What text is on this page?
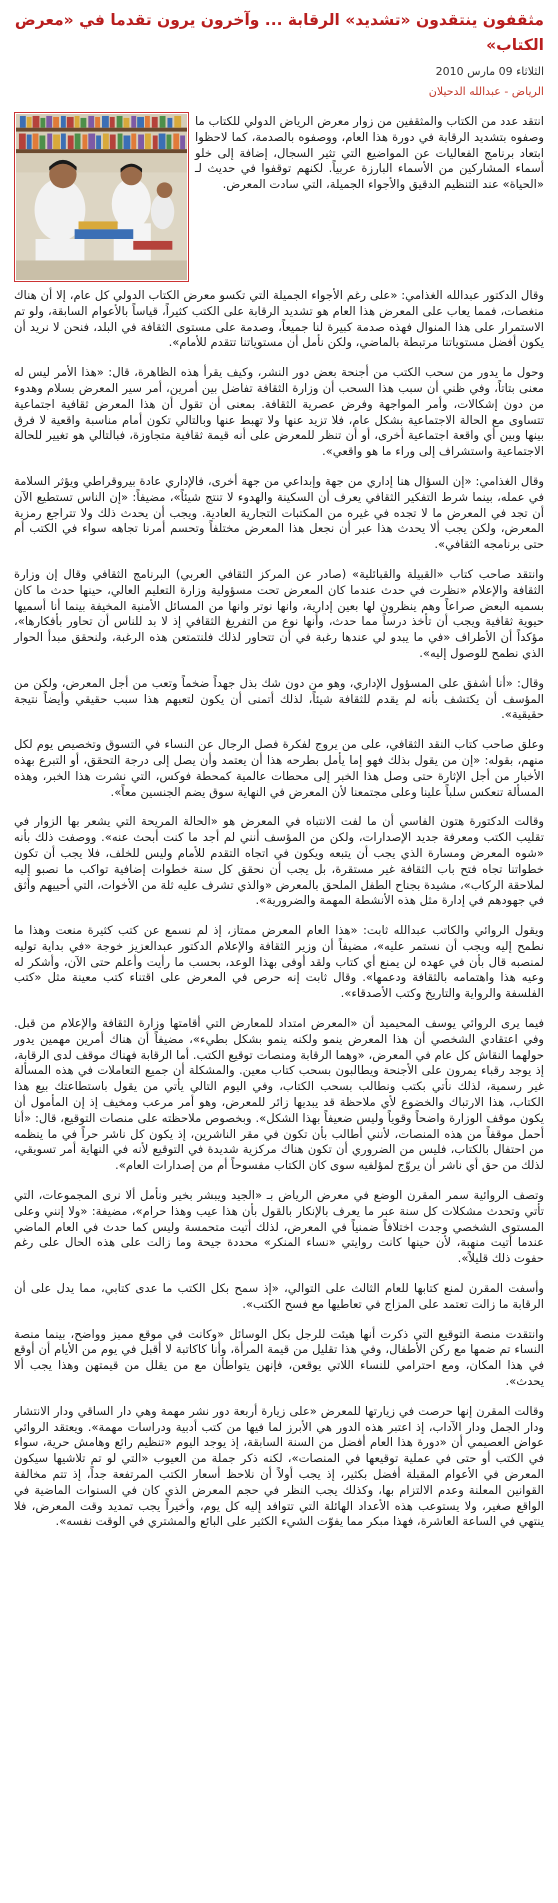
مثقفون ينتقدون «تشديد» الرقابة ... وآخرون يرون تقدما في «معرض الكتاب»
الثلاثاء 09 مارس 2010
الرياض - عبدالله الدحيلان

انتقد عدد من الكتاب والمثقفين من زوار معرض الرياض الدولي للكتاب ما وصفوه بتشديد الرقابة في دورة هذا العام، ووصفوه بالصدمة، كما لاحظوا ابتعاد برنامج الفعاليات عن المواضيع التي تثير السجال، إضافة إلى خلو أسماء المشاركين من الأسماء البارزة عربياً. لكنهم توقفوا في حديث لـ «الحياة» عند التنظيم الدقيق والأجواء الجميلة، التي سادت المعرض.

وقال الدكتور عبدالله الغذامي: «على رغم الأجواء الجميلة التي تكسو معرض الكتاب الدولي كل عام، إلا أن هناك منغصات، فمما يعاب على المعرض هذا العام هو تشديد الرقابة على الكتب كثيراً، قياساً بالأعوام السابقة، ولو تم الاستمرار على هذا المنوال فهذه صدمة كبيرة لنا جميعاً، وصدمة على مستوى الثقافة في البلد، فنحن لا نريد أن يكون أفضل مستوياتنا مرتبطة بالماضي، ولكن نأمل أن مستوياتنا تتقدم للأمام».

وحول ما يدور من سحب الكتب من أجنحة بعض دور النشر، وكيف يقرأ هذه الظاهرة، قال: «هذا الأمر ليس له معنى بتاتاً، وفي ظني أن سبب هذا السحب أن وزارة الثقافة تفاضل بين أمرين، أمر سير المعرض بسلام وهدوء من دون إشكالات، وأمر المواجهة وفرض عصرية الثقافة. بمعنى أن تقول أن هذا المعرض ثقافية اجتماعية تتساوى مع الحالة الاجتماعية بشكل عام، فلا تزيد عنها ولا تهبط عنها وبالتالي تكون أمام مناسبة واقعية لا فرق بينها وبين أي واقعة اجتماعية أخرى، أو أن تنظر للمعرض على أنه قيمة ثقافية متجاوزة، فبالتالي هو تغيير للحالة الاجتماعية واستشراف إلى وراء ما هو واقعي».

وقال الغذامي: «إن السؤال هنا إداري من جهة وإبداعي من جهة أخرى، فالإداري عادة بيروقراطي ويؤثر السلامة في عمله، بينما شرط التفكير الثقافي يعرف أن السكينة والهدوء لا تنتج شيئاً»، مضيفاً: «إن الناس تستطيع الآن أن تجد في المعرض ما لا تجده في غيره من المكتبات التجارية العادية. ويجب أن يحدث ذلك ولا تتراجع رمزية المعرض، ولكن يجب ألا يحدث هذا عبر أن نجعل هذا المعرض مختلفاً وتحسم أمرنا تجاهه سواء في الكتب أم حتى برنامجه الثقافي».

وانتقد صاحب كتاب «القبيلة والقبائلية» (صادر عن المركز الثقافي العربي) البرنامج الثقافي وقال إن وزارة الثقافة والإعلام «نظرت في حدث عندما كان المعرض تحت مسؤولية وزارة التعليم العالي، حينها حدث ما كان بسميه البعض صراعاً وهم ينظرون لها بعين إدارية، وانها نوتر وانها من المسائل الأمنية المخيفة بينما أنا أسميها حيوية ثقافية ويجب أن تأخذ درساً مما حدث، وأنها نوع من التفريغ الثقافي إذ لا بد للناس أن تحاور بأفكارها»، مؤكداً أن الأطراف «في ما يبدو لي عندها رغبة في أن تتحاور لذلك فلنتمتعن هذه الرغبة، ولنحقق مبدأ الحوار الذي نطمح للوصول إليه».

وقال: «أنا أشفق على المسؤول الإداري، وهو من دون شك بذل جهداً ضخماً وتعب من أجل المعرض، ولكن من المؤسف أن يكتشف بأنه لم يقدم للثقافة شيئاً، لذلك أتمنى أن يكون لتعبهم هذا سبب حقيقي وأيضاً نتيجة حقيقية».

وعلق صاحب كتاب النقد الثقافي، على من يروج لفكرة فصل الرجال عن النساء في التسوق وتخصيص يوم لكل منهم، بقوله: «إن من يقول بذلك فهو إما يأمل بطرحه هذا أن يعتمد وأن يصل إلى درجة التحقق، أو التبرع بهذه الأخبار من أجل الإثارة حتى وصل هذا الخبر إلى محطات عالمية كمحطة فوكس، التي نشرت هذا الخبر، وهذه المسألة تنعكس سلباً علينا وعلى مجتمعنا لأن المعرض في النهاية سوق يضم الجنسين معاً».

وقالت الدكتورة هتون الفاسي أن ما لفت الانتباه في المعرض هو «الحالة المريحة التي يشعر بها الزوار في تقليب الكتب ومعرفة جديد الإصدارات، ولكن من المؤسف أنني لم أجد ما كنت أبحث عنه». ووصفت ذلك بأنه «شوه المعرض ومسارة الذي يجب أن يتبعه ويكون في اتجاه التقدم للأمام وليس للخلف، فلا يجب أن تكون خطواتنا تجاه فتح باب الثقافة غير مستقرة، بل يجب أن نحقق كل سنة خطوات إضافية تواكب ما نصبو إليه لملاحقة الركاب»، مشيدة بجناح الطفل الملحق بالمعرض «والذي تشرف عليه ثلة من الأخوات، التي أحييهم وأثق في جهودهم في إدارة مثل هذه الأنشطة المهمة والضرورية».

ويقول الروائي والكاتب عبدالله ثابت: «هذا العام المعرض ممتاز، إذ لم نسمع عن كتب كثيرة منعت وهذا ما نطمح إليه ويجب أن نستمر عليه»، مضيفاً أن وزير الثقافة والإعلام الدكتور عبدالعزيز خوجة «في بداية توليه لمنصبه قال بأن في عهده لن يمنع أي كتاب ولقد أوفى بهذا الوعد، بحسب ما رأيت وأعلم حتى الآن، وأشكر له وعيه هذا واهتمامه بالثقافة ودعمها». وقال ثابت إنه حرص في المعرض على اقتناء كتب معينة مثل «كتب الفلسفة والرواية والتاريخ وكتب الأصدقاء».

فيما يرى الروائي يوسف المحيميد أن «المعرض امتداد للمعارض التي أقامتها وزارة الثقافة والإعلام من قبل. وفي اعتقادي الشخصي أن هذا المعرض ينمو ولكنه ينمو بشكل بطيء»، مضيفاً أن هناك أمرين مهمين يدور حولهما النقاش كل عام في المعرض، «وهما الرقابة ومنصات توقيع الكتب. أما الرقابة فهناك موقف لدى الرقابة، إذ يوجد رقباء يمرون على الأجنحة ويطالبون بسحب كتاب معين. والمشكلة أن جميع التعاملات في هذه المسألة غير رسمية، لذلك نأتي بكتب ونطالب بسحب الكتاب، وفي اليوم التالي يأتي من يقول باستطاعتك بيع هذا الكتاب، هذا الارتباك والخضوع لأي ملاحظة قد يبديها زائر للمعرض، وهو أمر مرعب ومخيف إذ إن المأمول أن يكون موقف الوزارة واضحاً وقوياً وليس ضعيفاً بهذا الشكل». وبخصوص ملاحظته على منصات التوقيع، قال: «أنا أحمل موقفاً من هذه المنصات، لأنني أطالب بأن تكون في مقر الناشرين، إذ يكون كل ناشر حراً في ما ينظمه من احتفال بالكتاب، فليس من الضروري أن تكون هناك مركزية شديدة في التوقيع لأنه في النهاية أمر تسويقي، لذلك من حق أي ناشر أن يروّج لمؤلفيه سوى كان الكتاب مفسوحاً أم من إصدارات العام».

وتصف الروائية سمر المقرن الوضع في معرض الرياض بـ «الجيد ويبشر بخير ونأمل ألا نرى المجموعات، التي تأتي وتحدث مشكلات كل سنة عبر ما يعرف بالإنكار بالقول بأن هذا عيب وهذا حرام»، مضيفة: «ولا إنني وعلى المستوى الشخصي وجدت اختلافاً ضمنياً في المعرض، لذلك أتيت متحمسة وليس كما حدث في العام الماضي عندما أتيت منهبة، لأن حينها كانت روايتي «نساء المنكر» محددة جيحة وما زالت على هذه الحال على رغم حفوت ذلك قليلاً».

وأسفت المقرن لمنع كتابها للعام الثالث على التوالي، «إذ سمح بكل الكتب ما عدى كتابي، مما يدل على أن الرقابة ما زالت تعتمد على المزاج في تعاطيها مع فسح الكتب».

وانتقدت منصة التوقيع التي ذكرت أنها هيئت للرجل بكل الوسائل «وكانت في موقع مميز وواضح، بينما منصة النساء تم ضمها مع ركن الأطفال، وفي هذا تقليل من قيمة المرأة، وأنا كاكاتبة لا أقبل في يوم من الأيام أن أوقع في هذا المكان، ومع احترامي للنساء اللاتي يوقعن، فإنهن يتواطأن مع من يقلل من قيمتهن وهذا يجب ألا يحدث».

وقالت المقرن إنها حرصت في زيارتها للمعرض «على زيارة أربعة دور نشر مهمة وهي دار الساقي ودار الانتشار ودار الجمل ودار الآداب، إذ اعتبر هذه الدور هي الأبرز لما فيها من كتب أدبية ودراسات مهمة». ويعتقد الروائي عواض العصيمي أن «دورة هذا العام أفضل من السنة السابقة، إذ يوجد اليوم «تنظيم رائع وهامش حرية، سواء في الكتب أو حتى في عملية توقيعها في المنصات»، لكنه ذكر جملة من العيوب «التي لو تم تلاشيها سيكون المعرض في الأعوام المقبلة أفضل بكثير، إذ يجب أولاً أن نلاحظ أسعار الكتب المرتفعة جداً، إذ تتم مخالفة القوانين المعلنة وعدم الالتزام بها، وكذلك يجب النظر في حجم المعرض الذي كان في السنوات الماضية في الواقع صغير، ولا يستوعب هذه الأعداد الهائلة التي تتوافد إليه كل يوم، وأخيراً يجب تمديد وقت المعرض، فلا ينتهي في الساعة العاشرة، فهذا مبكر مما يفوّت الشيء الكثير على البائع والمشتري في الوقت نفسه».
